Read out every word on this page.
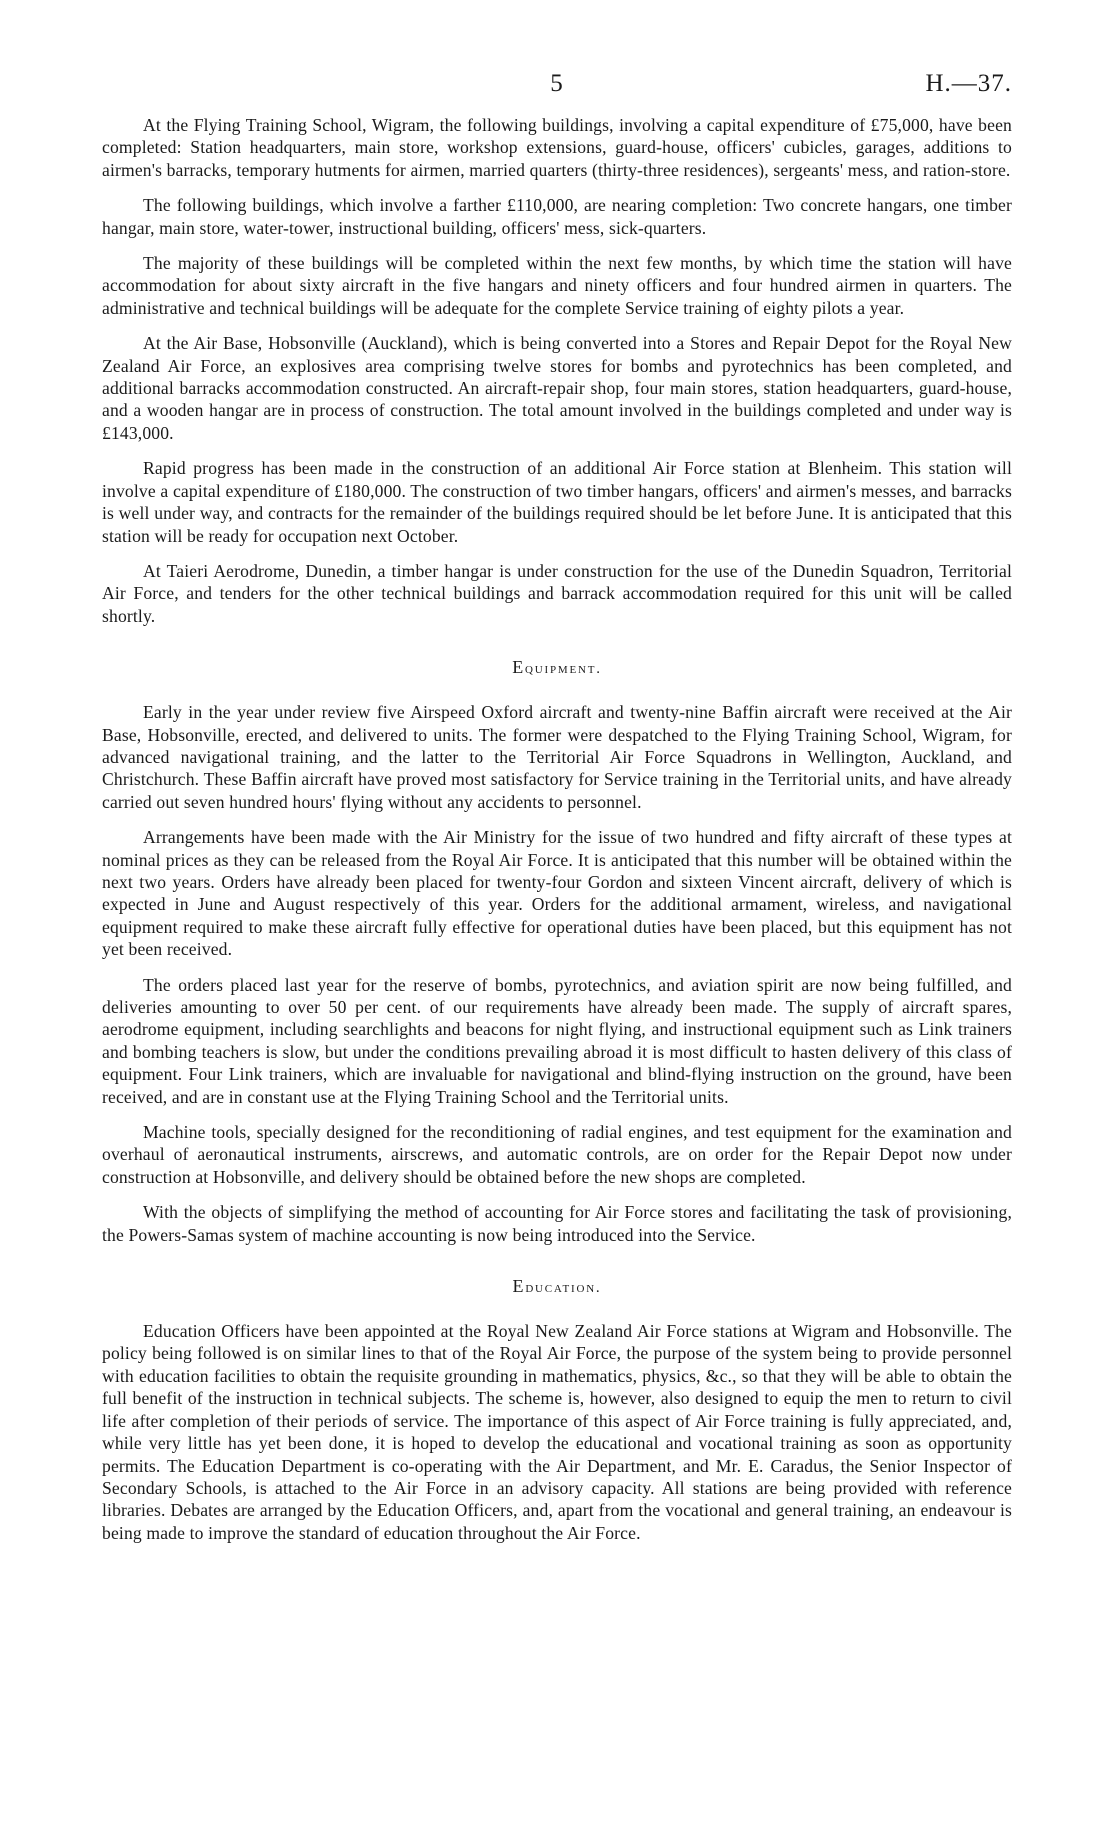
5	H.—37.

At the Flying Training School, Wigram, the following buildings, involving a capital expenditure of £75,000, have been completed: Station headquarters, main store, workshop extensions, guard-house, officers' cubicles, garages, additions to airmen's barracks, temporary hutments for airmen, married quarters (thirty-three residences), sergeants' mess, and ration-store.

The following buildings, which involve a farther £110,000, are nearing completion: Two concrete hangars, one timber hangar, main store, water-tower, instructional building, officers' mess, sick-quarters.

The majority of these buildings will be completed within the next few months, by which time the station will have accommodation for about sixty aircraft in the five hangars and ninety officers and four hundred airmen in quarters. The administrative and technical buildings will be adequate for the complete Service training of eighty pilots a year.

At the Air Base, Hobsonville (Auckland), which is being converted into a Stores and Repair Depot for the Royal New Zealand Air Force, an explosives area comprising twelve stores for bombs and pyrotechnics has been completed, and additional barracks accommodation constructed. An aircraft-repair shop, four main stores, station headquarters, guard-house, and a wooden hangar are in process of construction. The total amount involved in the buildings completed and under way is £143,000.

Rapid progress has been made in the construction of an additional Air Force station at Blenheim. This station will involve a capital expenditure of £180,000. The construction of two timber hangars, officers' and airmen's messes, and barracks is well under way, and contracts for the remainder of the buildings required should be let before June. It is anticipated that this station will be ready for occupation next October.

At Taieri Aerodrome, Dunedin, a timber hangar is under construction for the use of the Dunedin Squadron, Territorial Air Force, and tenders for the other technical buildings and barrack accommodation required for this unit will be called shortly.

Equipment.

Early in the year under review five Airspeed Oxford aircraft and twenty-nine Baffin aircraft were received at the Air Base, Hobsonville, erected, and delivered to units. The former were despatched to the Flying Training School, Wigram, for advanced navigational training, and the latter to the Territorial Air Force Squadrons in Wellington, Auckland, and Christchurch. These Baffin aircraft have proved most satisfactory for Service training in the Territorial units, and have already carried out seven hundred hours' flying without any accidents to personnel.

Arrangements have been made with the Air Ministry for the issue of two hundred and fifty aircraft of these types at nominal prices as they can be released from the Royal Air Force. It is anticipated that this number will be obtained within the next two years. Orders have already been placed for twenty-four Gordon and sixteen Vincent aircraft, delivery of which is expected in June and August respectively of this year. Orders for the additional armament, wireless, and navigational equipment required to make these aircraft fully effective for operational duties have been placed, but this equipment has not yet been received.

The orders placed last year for the reserve of bombs, pyrotechnics, and aviation spirit are now being fulfilled, and deliveries amounting to over 50 per cent. of our requirements have already been made. The supply of aircraft spares, aerodrome equipment, including searchlights and beacons for night flying, and instructional equipment such as Link trainers and bombing teachers is slow, but under the conditions prevailing abroad it is most difficult to hasten delivery of this class of equipment. Four Link trainers, which are invaluable for navigational and blind-flying instruction on the ground, have been received, and are in constant use at the Flying Training School and the Territorial units.

Machine tools, specially designed for the reconditioning of radial engines, and test equipment for the examination and overhaul of aeronautical instruments, airscrews, and automatic controls, are on order for the Repair Depot now under construction at Hobsonville, and delivery should be obtained before the new shops are completed.

With the objects of simplifying the method of accounting for Air Force stores and facilitating the task of provisioning, the Powers-Samas system of machine accounting is now being introduced into the Service.

Education.

Education Officers have been appointed at the Royal New Zealand Air Force stations at Wigram and Hobsonville. The policy being followed is on similar lines to that of the Royal Air Force, the purpose of the system being to provide personnel with education facilities to obtain the requisite grounding in mathematics, physics, &c., so that they will be able to obtain the full benefit of the instruction in technical subjects. The scheme is, however, also designed to equip the men to return to civil life after completion of their periods of service. The importance of this aspect of Air Force training is fully appreciated, and, while very little has yet been done, it is hoped to develop the educational and vocational training as soon as opportunity permits. The Education Department is co-operating with the Air Department, and Mr. E. Caradus, the Senior Inspector of Secondary Schools, is attached to the Air Force in an advisory capacity. All stations are being provided with reference libraries. Debates are arranged by the Education Officers, and, apart from the vocational and general training, an endeavour is being made to improve the standard of education throughout the Air Force.
